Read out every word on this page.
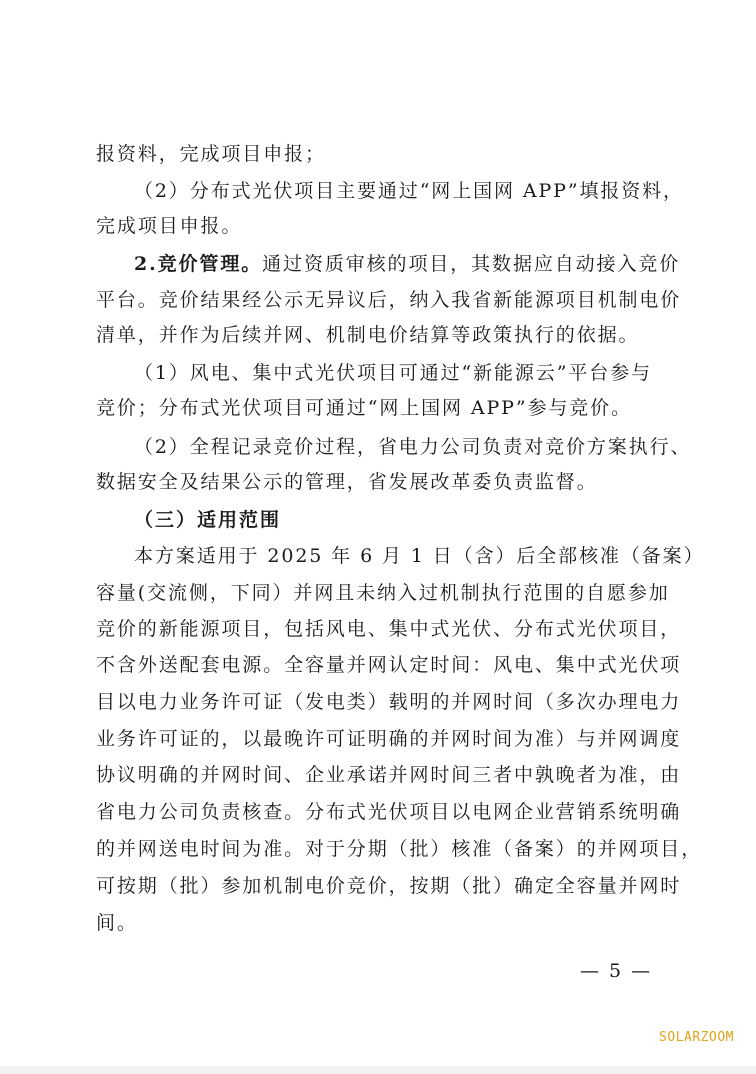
报资料，完成项目申报；
（2）分布式光伏项目主要通过“网上国网 APP”填报资料，
完成项目申报。
2.竞价管理。通过资质审核的项目，其数据应自动接入竞价
平台。竞价结果经公示无异议后，纳入我省新能源项目机制电价
清单，并作为后续并网、机制电价结算等政策执行的依据。
（1）风电、集中式光伏项目可通过“新能源云”平台参与
竞价；分布式光伏项目可通过“网上国网 APP”参与竞价。
（2）全程记录竞价过程，省电力公司负责对竞价方案执行、
数据安全及结果公示的管理，省发展改革委负责监督。
（三）适用范围
本方案适用于 2025 年 6 月 1 日（含）后全部核准（备案）
容量(交流侧，下同）并网且未纳入过机制执行范围的自愿参加
竞价的新能源项目，包括风电、集中式光伏、分布式光伏项目，
不含外送配套电源。全容量并网认定时间：风电、集中式光伏项
目以电力业务许可证（发电类）载明的并网时间（多次办理电力
业务许可证的，以最晚许可证明确的并网时间为准）与并网调度
协议明确的并网时间、企业承诺并网时间三者中孰晚者为准，由
省电力公司负责核查。分布式光伏项目以电网企业营销系统明确
的并网送电时间为准。对于分期（批）核准（备案）的并网项目，
可按期（批）参加机制电价竞价，按期（批）确定全容量并网时
间。
— 5 —
SOLARZOOM
